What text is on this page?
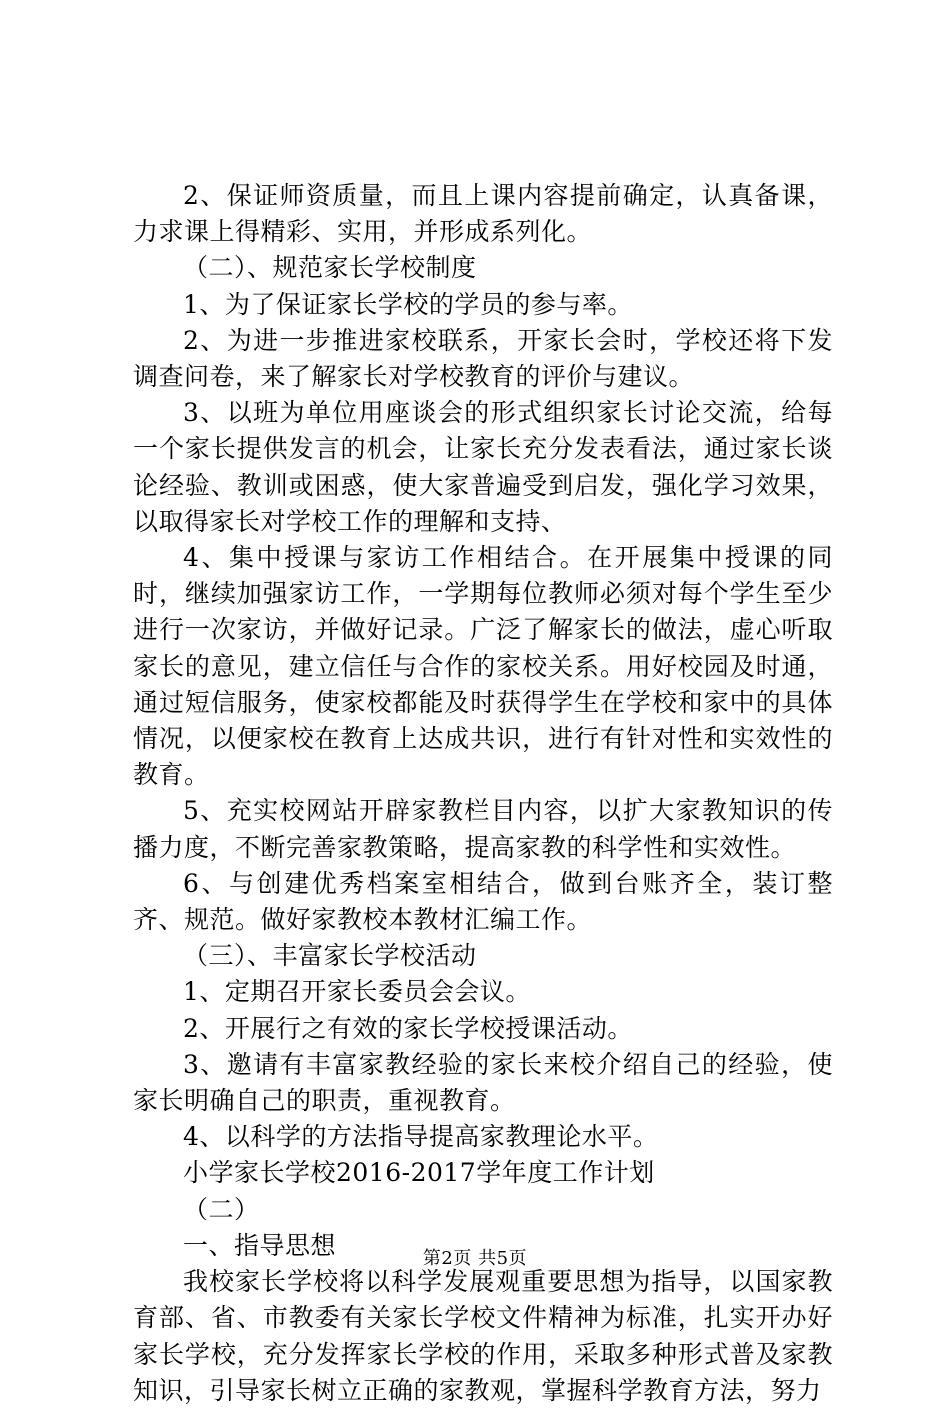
2、保证师资质量，而且上课内容提前确定，认真备课，力求课上得精彩、实用，并形成系列化。

（二）、规范家长学校制度

1、为了保证家长学校的学员的参与率。

2、为进一步推进家校联系，开家长会时，学校还将下发调查问卷，来了解家长对学校教育的评价与建议。

3、以班为单位用座谈会的形式组织家长讨论交流，给每一个家长提供发言的机会，让家长充分发表看法，通过家长谈论经验、教训或困惑，使大家普遍受到启发，强化学习效果，以取得家长对学校工作的理解和支持、

4、集中授课与家访工作相结合。在开展集中授课的同时，继续加强家访工作，一学期每位教师必须对每个学生至少进行一次家访，并做好记录。广泛了解家长的做法，虚心听取家长的意见，建立信任与合作的家校关系。用好校园及时通，通过短信服务，使家校都能及时获得学生在学校和家中的具体情况，以便家校在教育上达成共识，进行有针对性和实效性的教育。

5、充实校网站开辟家教栏目内容，以扩大家教知识的传播力度，不断完善家教策略，提高家教的科学性和实效性。

6、与创建优秀档案室相结合，做到台账齐全，装订整齐、规范。做好家教校本教材汇编工作。

（三）、丰富家长学校活动

1、定期召开家长委员会会议。

2、开展行之有效的家长学校授课活动。

3、邀请有丰富家教经验的家长来校介绍自己的经验，使家长明确自己的职责，重视教育。

4、以科学的方法指导提高家教理论水平。

小学家长学校2016-2017学年度工作计划

（二）

一、指导思想

我校家长学校将以科学发展观重要思想为指导，以国家教育部、省、市教委有关家长学校文件精神为标准，扎实开办好家长学校，充分发挥家长学校的作用，采取多种形式普及家教知识，引导家长树立正确的家教观，掌握科学教育方法，努力

第2页 共5页
